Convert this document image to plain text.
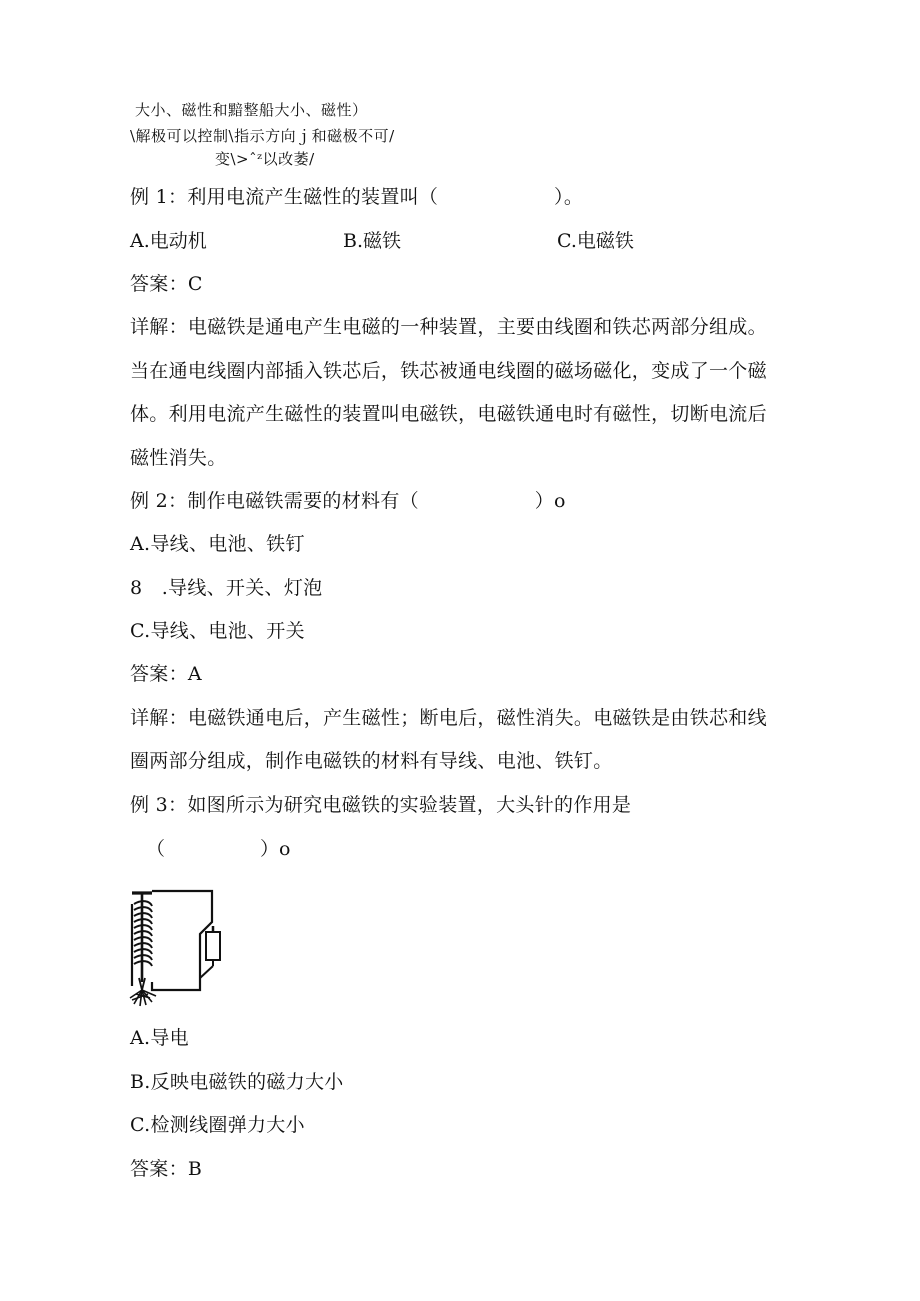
大小、磁性和黯整船大小、磁性）
\解极可以控制\指示方向ｊ和磁极不可/
变\>ˆᶻ以改萎/
例 1：利用电流产生磁性的装置叫（　　　　　　）。
A.电动机	B.磁铁	C.电磁铁
答案：C
详解：电磁铁是通电产生电磁的一种装置，主要由线圈和铁芯两部分组成。
当在通电线圈内部插入铁芯后，铁芯被通电线圈的磁场磁化，变成了一个磁
体。利用电流产生磁性的装置叫电磁铁，电磁铁通电时有磁性，切断电流后
磁性消失。
例 2：制作电磁铁需要的材料有（　　　　　　）o
A.导线、电池、铁钉
8　.导线、开关、灯泡
C.导线、电池、开关
答案：A
详解：电磁铁通电后，产生磁性；断电后，磁性消失。电磁铁是由铁芯和线
圈两部分组成，制作电磁铁的材料有导线、电池、铁钉。
例 3：如图所示为研究电磁铁的实验装置，大头针的作用是
（　　　　　）o
A.导电
B.反映电磁铁的磁力大小
C.检测线圈弹力大小
答案：B
